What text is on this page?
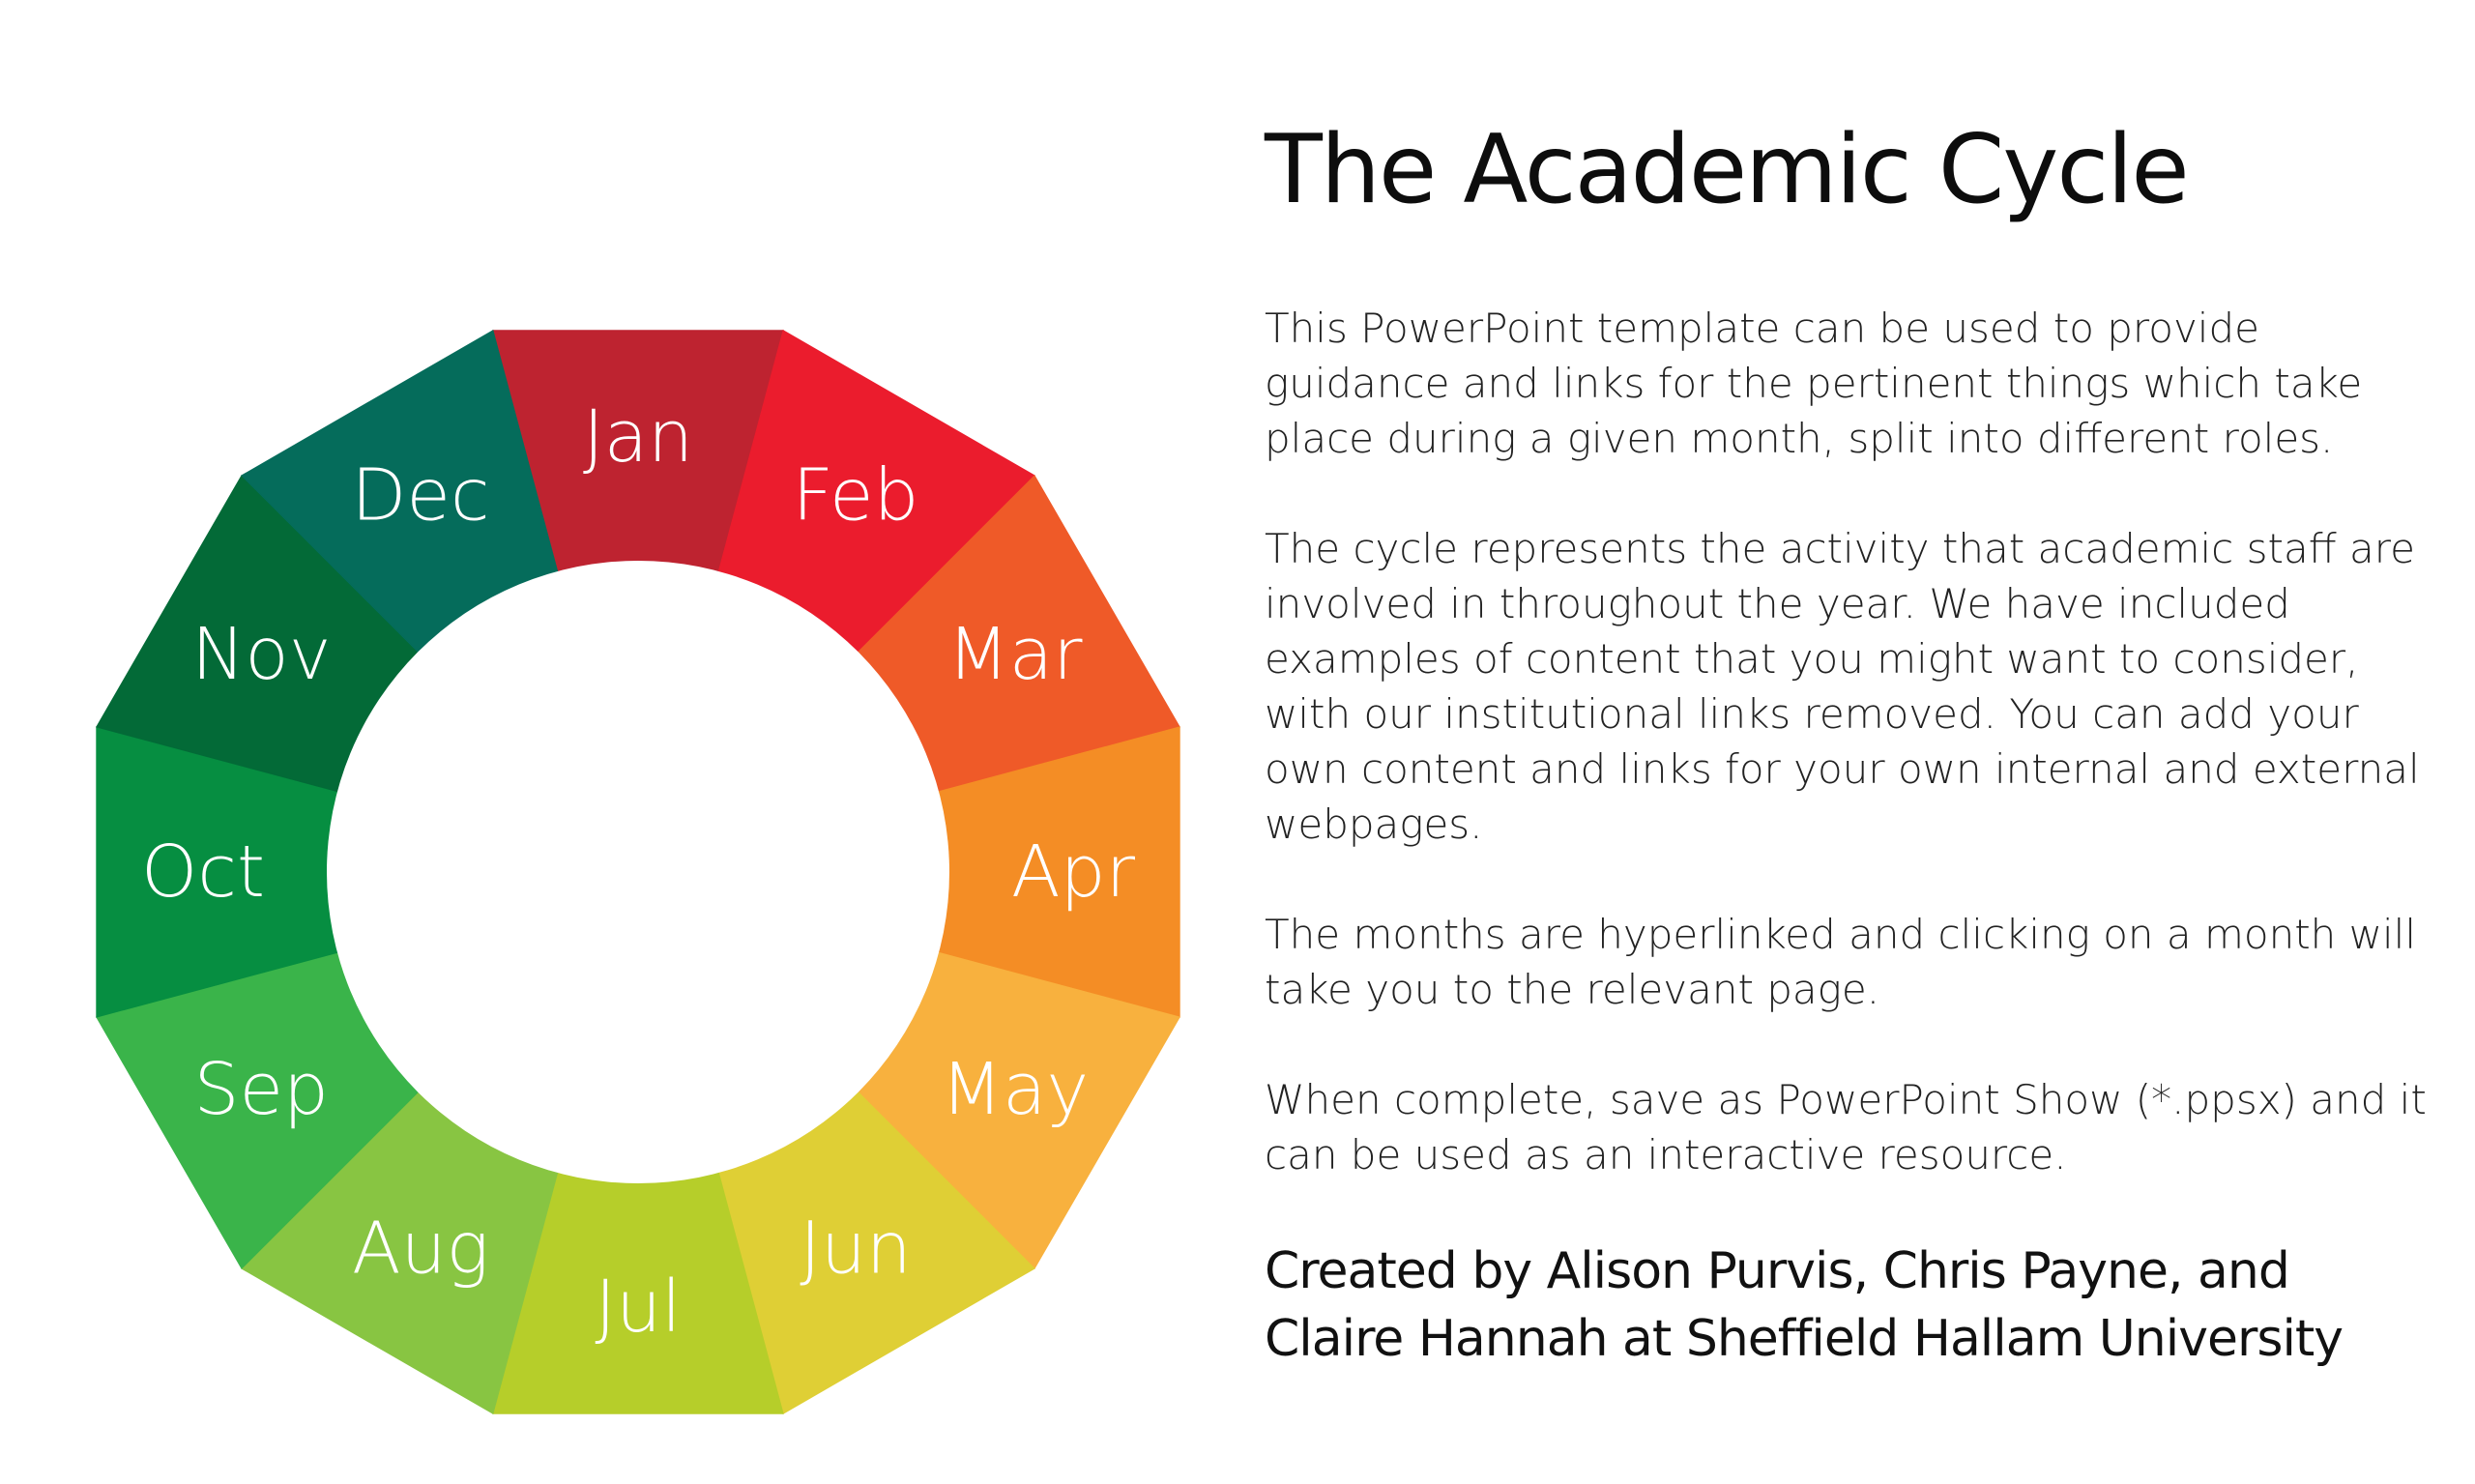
Jan
Feb
Mar
Apr
May
Jun
Jul
Aug
Sep
Oct
Nov
Dec
The Academic Cycle

This PowerPoint template can be used to provide guidance and links for the pertinent things which take place during a given month, split into different roles.

The cycle represents the activity that academic staff are involved in throughout the year. We have included examples of content that you might want to consider, with our institutional links removed. You can add your own content and links for your own internal and external webpages.

The months are hyperlinked and clicking on a month will take you to the relevant page.

When complete, save as PowerPoint Show (*.ppsx) and it can be used as an interactive resource.

Created by Alison Purvis, Chris Payne, and
Claire Hannah at Sheffield Hallam University
